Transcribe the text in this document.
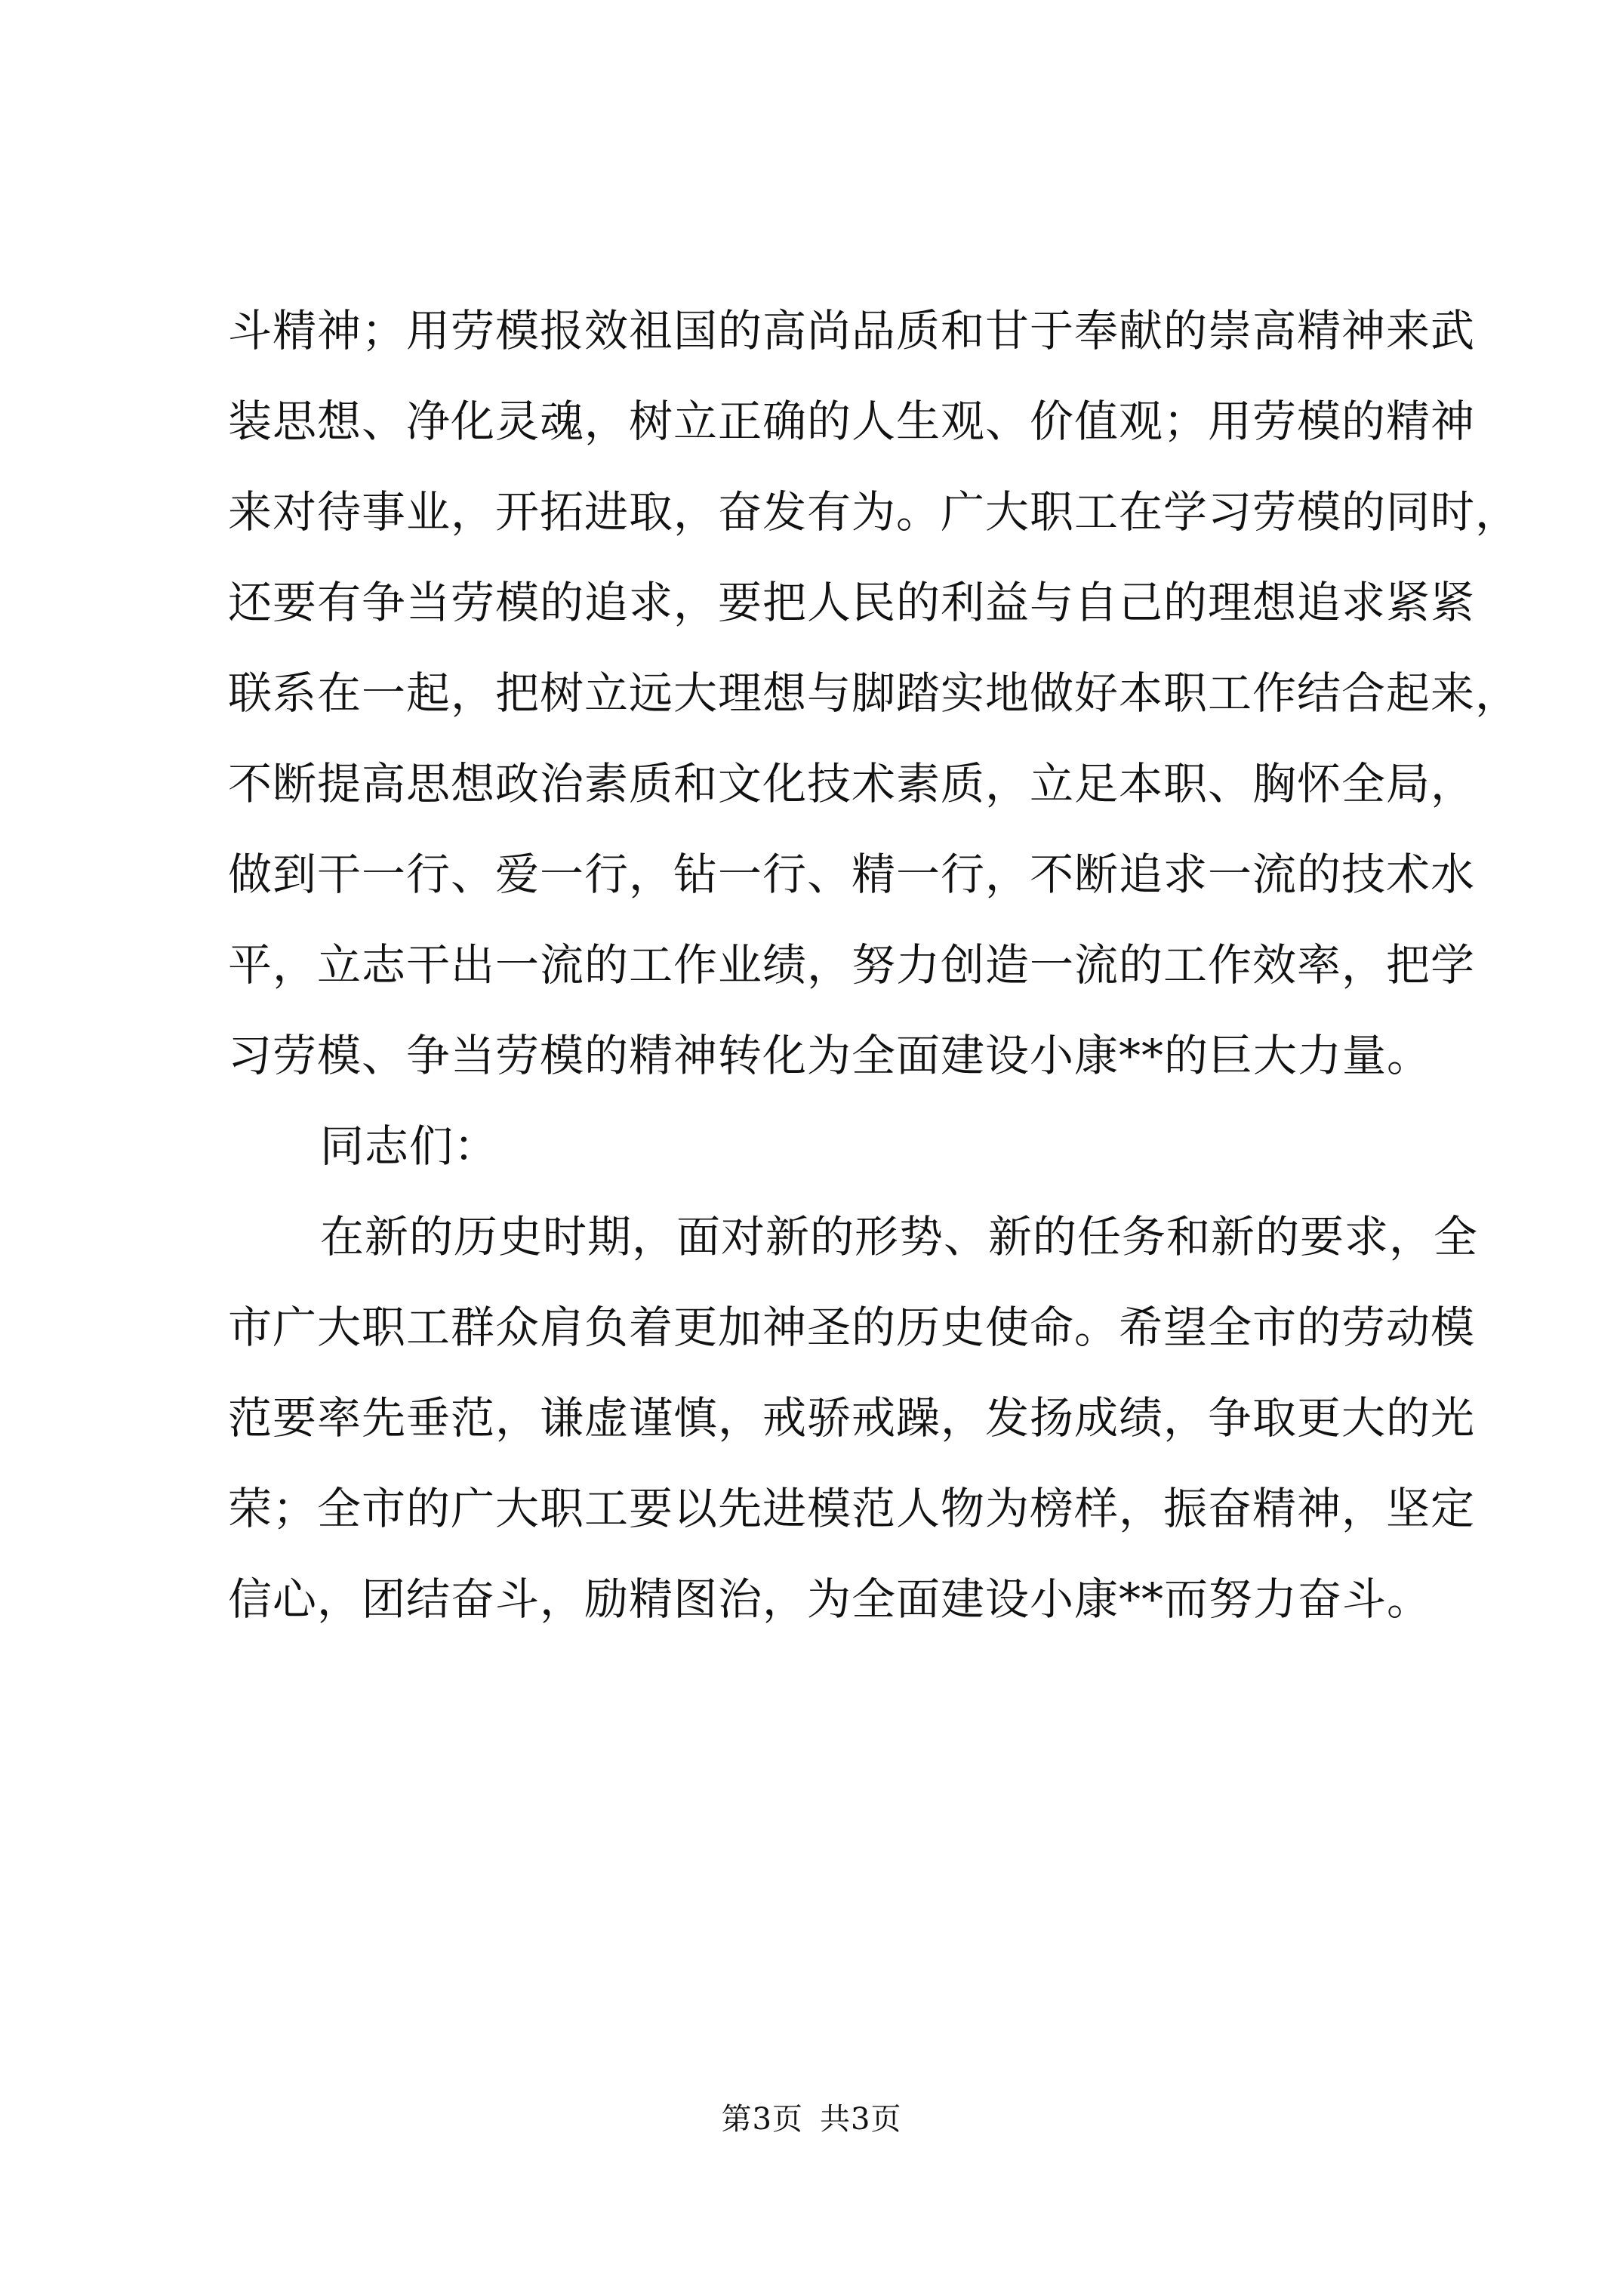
斗精神；用劳模报效祖国的高尚品质和甘于奉献的崇高精神来武
装思想、净化灵魂，树立正确的人生观、价值观；用劳模的精神
来对待事业，开拓进取，奋发有为。广大职工在学习劳模的同时，
还要有争当劳模的追求，要把人民的利益与自己的理想追求紧紧
联系在一起，把树立远大理想与脚踏实地做好本职工作结合起来，
不断提高思想政治素质和文化技术素质，立足本职、胸怀全局，
做到干一行、爱一行，钻一行、精一行，不断追求一流的技术水
平，立志干出一流的工作业绩，努力创造一流的工作效率，把学
习劳模、争当劳模的精神转化为全面建设小康**的巨大力量。
同志们：
在新的历史时期，面对新的形势、新的任务和新的要求，全
市广大职工群众肩负着更加神圣的历史使命。希望全市的劳动模
范要率先垂范，谦虚谨慎，戒骄戒躁，发扬成绩，争取更大的光
荣；全市的广大职工要以先进模范人物为榜样，振奋精神，坚定
信心，团结奋斗，励精图治，为全面建设小康**而努力奋斗。
第3页 共3页
